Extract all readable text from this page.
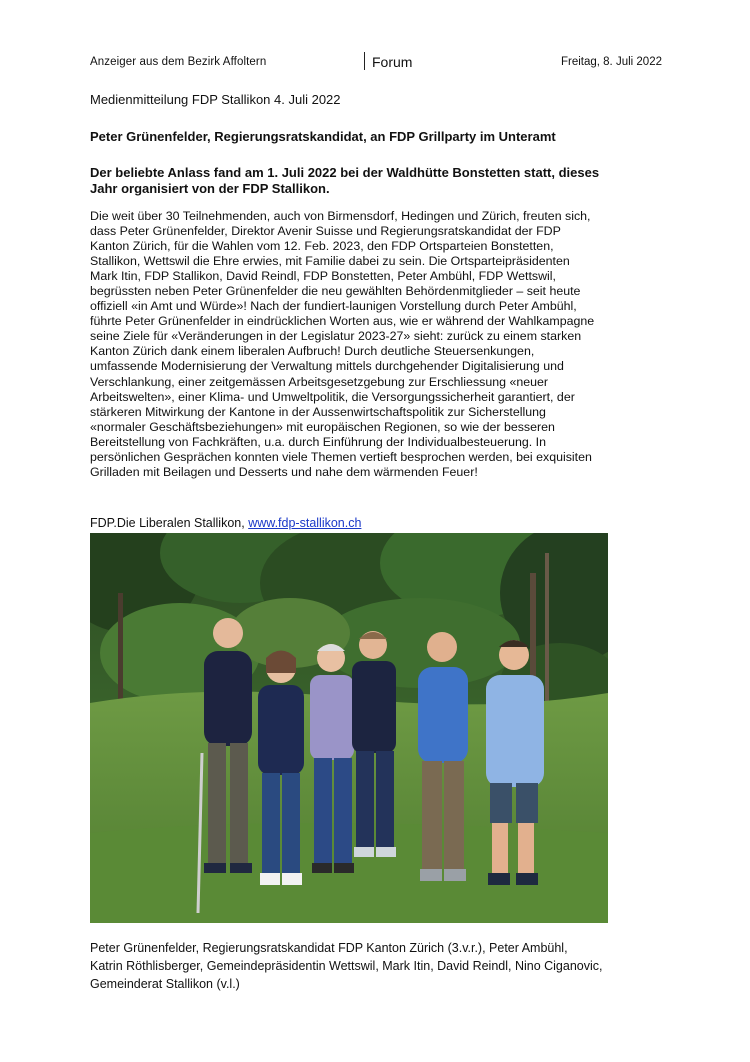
Anzeiger aus dem Bezirk Affoltern	Forum	Freitag, 8. Juli 2022
Medienmitteilung FDP Stallikon 4. Juli 2022
Peter Grünenfelder, Regierungsratskandidat, an FDP Grillparty im Unteramt
Der beliebte Anlass fand am 1. Juli 2022 bei der Waldhütte Bonstetten statt, dieses
Jahr organisiert von der FDP Stallikon.
Die weit über 30 Teilnehmenden, auch von Birmensdorf, Hedingen und Zürich, freuten sich,
dass Peter Grünenfelder, Direktor Avenir Suisse und Regierungsratskandidat der FDP
Kanton Zürich, für die Wahlen vom 12. Feb. 2023, den FDP Ortsparteien Bonstetten,
Stallikon, Wettswil die Ehre erwies, mit Familie dabei zu sein. Die Ortsparteipräsidenten
Mark Itin, FDP Stallikon, David Reindl, FDP Bonstetten, Peter Ambühl, FDP Wettswil,
begrüssten neben Peter Grünenfelder die neu gewählten Behördenmitglieder – seit heute
offiziell «in Amt und Würde»! Nach der fundiert-launigen Vorstellung durch Peter Ambühl,
führte Peter Grünenfelder in eindrücklichen Worten aus, wie er während der Wahlkampagne
seine Ziele für «Veränderungen in der Legislatur 2023-27» sieht: zurück zu einem starken
Kanton Zürich dank einem liberalen Aufbruch! Durch deutliche Steuersenkungen,
umfassende Modernisierung der Verwaltung mittels durchgehender Digitalisierung und
Verschlankung, einer zeitgemässen Arbeitsgesetzgebung zur Erschliessung «neuer
Arbeitswelten», einer Klima- und Umweltpolitik, die Versorgungssicherheit garantiert, der
stärkeren Mitwirkung der Kantone in der Aussenwirtschaftspolitik zur Sicherstellung
«normaler Geschäftsbeziehungen» mit europäischen Regionen, so wie der besseren
Bereitstellung von Fachkräften, u.a. durch Einführung der Individualbesteuerung. In
persönlichen Gesprächen konnten viele Themen vertieft besprochen werden, bei exquisiten
Grilladen mit Beilagen und Desserts und nahe dem wärmenden Feuer!
FDP.Die Liberalen Stallikon, www.fdp-stallikon.ch
Peter Grünenfelder, Regierungsratskandidat FDP Kanton Zürich (3.v.r.), Peter Ambühl,
Katrin Röthlisberger, Gemeindepräsidentin Wettswil, Mark Itin, David Reindl, Nino Ciganovic,
Gemeinderat Stallikon (v.l.)
